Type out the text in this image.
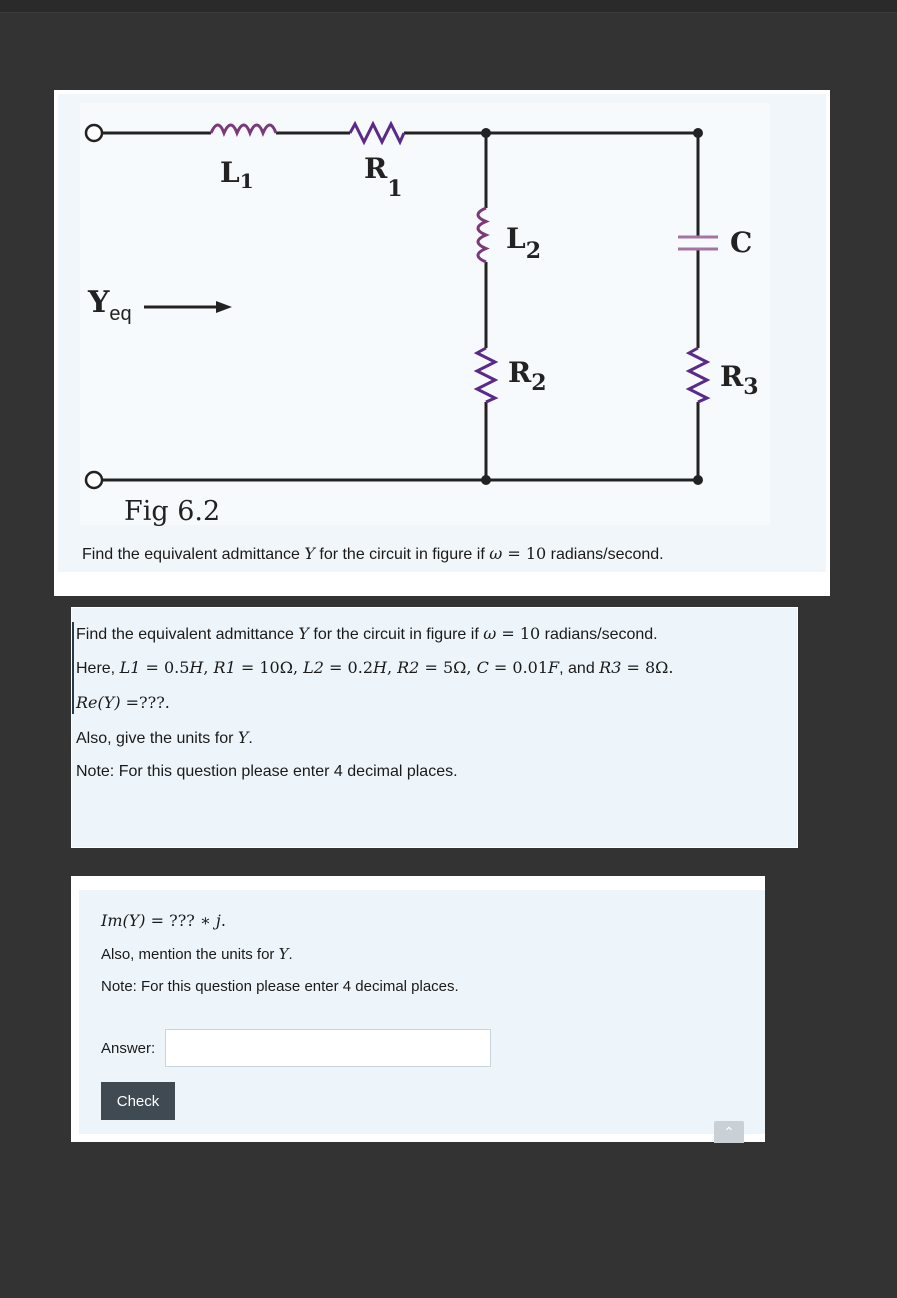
$L_1$	$R_1$
$L_2$	C
$R_2$	$R_3$
$Y_{eq}$
Fig 6.2
Find the equivalent admittance Y for the circuit in figure if ω = 10 radians/second.
Find the equivalent admittance Y for the circuit in figure if ω = 10 radians/second.
Here, L1 = 0.5H, R1 = 10Ω, L2 = 0.2H, R2 = 5Ω, C = 0.01F, and R3 = 8Ω.
Re(Y) =???.
Also, give the units for Y.
Note: For this question please enter 4 decimal places.
Im(Y) = ??? ∗ j.
Also, mention the units for Y.
Note: For this question please enter 4 decimal places.
Answer:
Check
⌃
